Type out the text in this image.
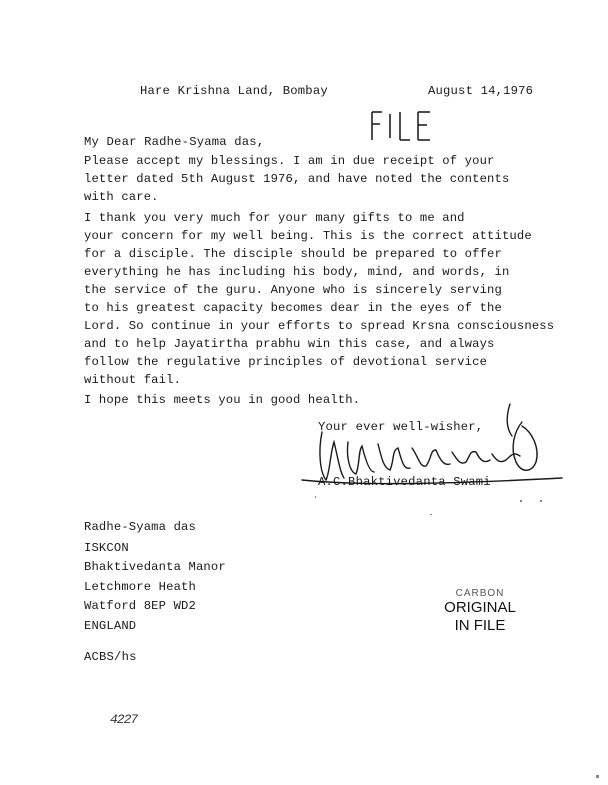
Hare Krishna Land, Bombay	August 14,1976
My Dear Radhe-Syama das,
Please accept my blessings. I am in due receipt of your
letter dated 5th August 1976, and have noted the contents
with care.
I thank you very much for your many gifts to me and
your concern for my well being. This is the correct attitude
for a disciple. The disciple should be prepared to offer
everything he has including his body, mind, and words, in
the service of the guru. Anyone who is sincerely serving
to his greatest capacity becomes dear in the eyes of the
Lord. So continue in your efforts to spread Krsna consciousness
and to help Jayatirtha prabhu win this case, and always
follow the regulative principles of devotional service
without fail.
I hope this meets you in good health.
Your ever well-wisher,
A.C.Bhaktivedanta Swami
Radhe-Syama das
ISKCON
Bhaktivedanta Manor
Letchmore Heath
Watford 8EP WD2
ENGLAND
ACBS/hs
CARBON
ORIGINAL
IN FILE
4227
